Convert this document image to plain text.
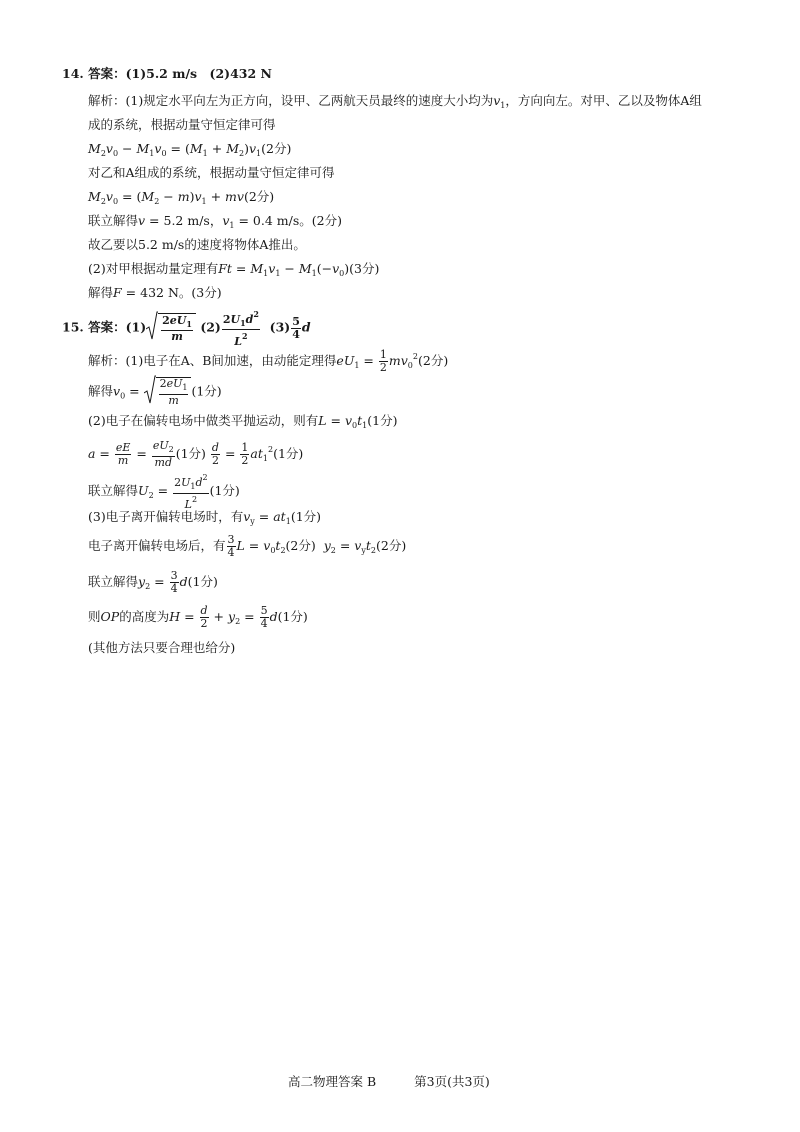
14. 答案：(1)5.2 m/s　(2)432 N
解析：(1)规定水平向左为正方向，设甲、乙两航天员最终的速度大小均为$v_1$，方向向左。对甲、乙以及物体A组
成的系统，根据动量守恒定律可得
$M_2v_0 - M_1v_0 = (M_1 + M_2)v_1(2$分)
对乙和A组成的系统，根据动量守恒定律可得
$M_2v_0 = (M_2 - m)v_1 + mv(2$分)
联立解得v = 5.2 m/s，$v_1 = 0.4$ m/s。(2分)
故乙要以5.2 m/s的速度将物体A推出。
(2)对甲根据动量定理有$Ft = M_1v_1 - M_1(-v_0)(3$分)
解得F = 432 N。(3分)
15. 答案：$(1) \frac{2eU_1}{m} (2) \frac{2U_1d^2}{L^2} (3) \frac{5}{4}$ d
解析：(1)电子在A、B间加速，由动能定理得$eU_1 = \frac{1}{2} mv_0^2(2$分)
解得$v_0 = \frac{2eU_1}{m} (1$分)
(2)电子在偏转电场中做类平抛运动，则有$L = v_0t_1(1$分)
$a = \frac{eE}{m} = \frac{eU_2}{md} (1$分) $\frac{d}{2} = \frac{1}{2} at_1^2(1$分)
联立解得$U_2 = \frac{2U_1d^2}{L^2} (1$分)
(3)电子离开偏转电场时，有$v_y = at_1(1$分)
电子离开偏转电场后，有 $\frac{3}{4}$ $L = v_0t_2(2$分) $y_2 = v_yt_2(2$分)
联立解得$y_2 = \frac{3}{4} d(1$分)
则OP的高度为$H = \frac{d}{2} + y_2 = \frac{5}{4} d(1$分)
(其他方法只要合理也给分)
高二物理答案 B	第3页(共3页)
